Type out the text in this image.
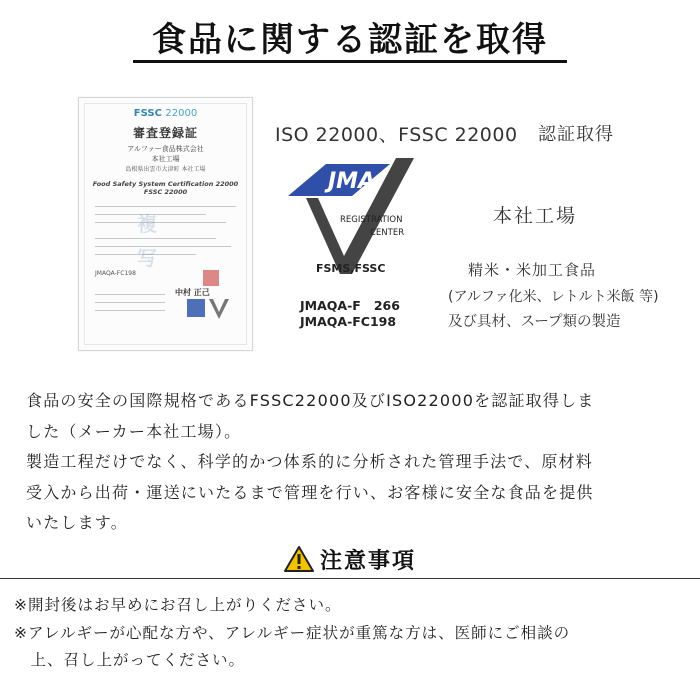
食品に関する認証を取得
FSSC 22000
審査登録証
アルファー食品株式会社
本社工場
島根県出雲市大津町 本社工場
Food Safety System Certification 22000
FSSC 22000
複
写
JMAQA-FC198
中村 正己
ISO 22000、FSSC 22000 認証取得
JMA
REGISTRATION
CENTER
FSMS,FSSC
JMAQA-F   266
JMAQA-FC198
本社工場
精米・米加工食品
(アルファ化米、レトルト米飯 等)
及び具材、スープ類の製造

食品の安全の国際規格であるFSSC22000及びISO22000を認証取得しま

した（メーカー本社工場）。

製造工程だけでなく、科学的かつ体系的に分析された管理手法で、原材料

受入から出荷・運送にいたるまで管理を行い、お客様に安全な食品を提供

いたします。

注意事項

※開封後はお早めにお召し上がりください。

※アレルギーが心配な方や、アレルギー症状が重篤な方は、医師にご相談の

　上、召し上がってください。
